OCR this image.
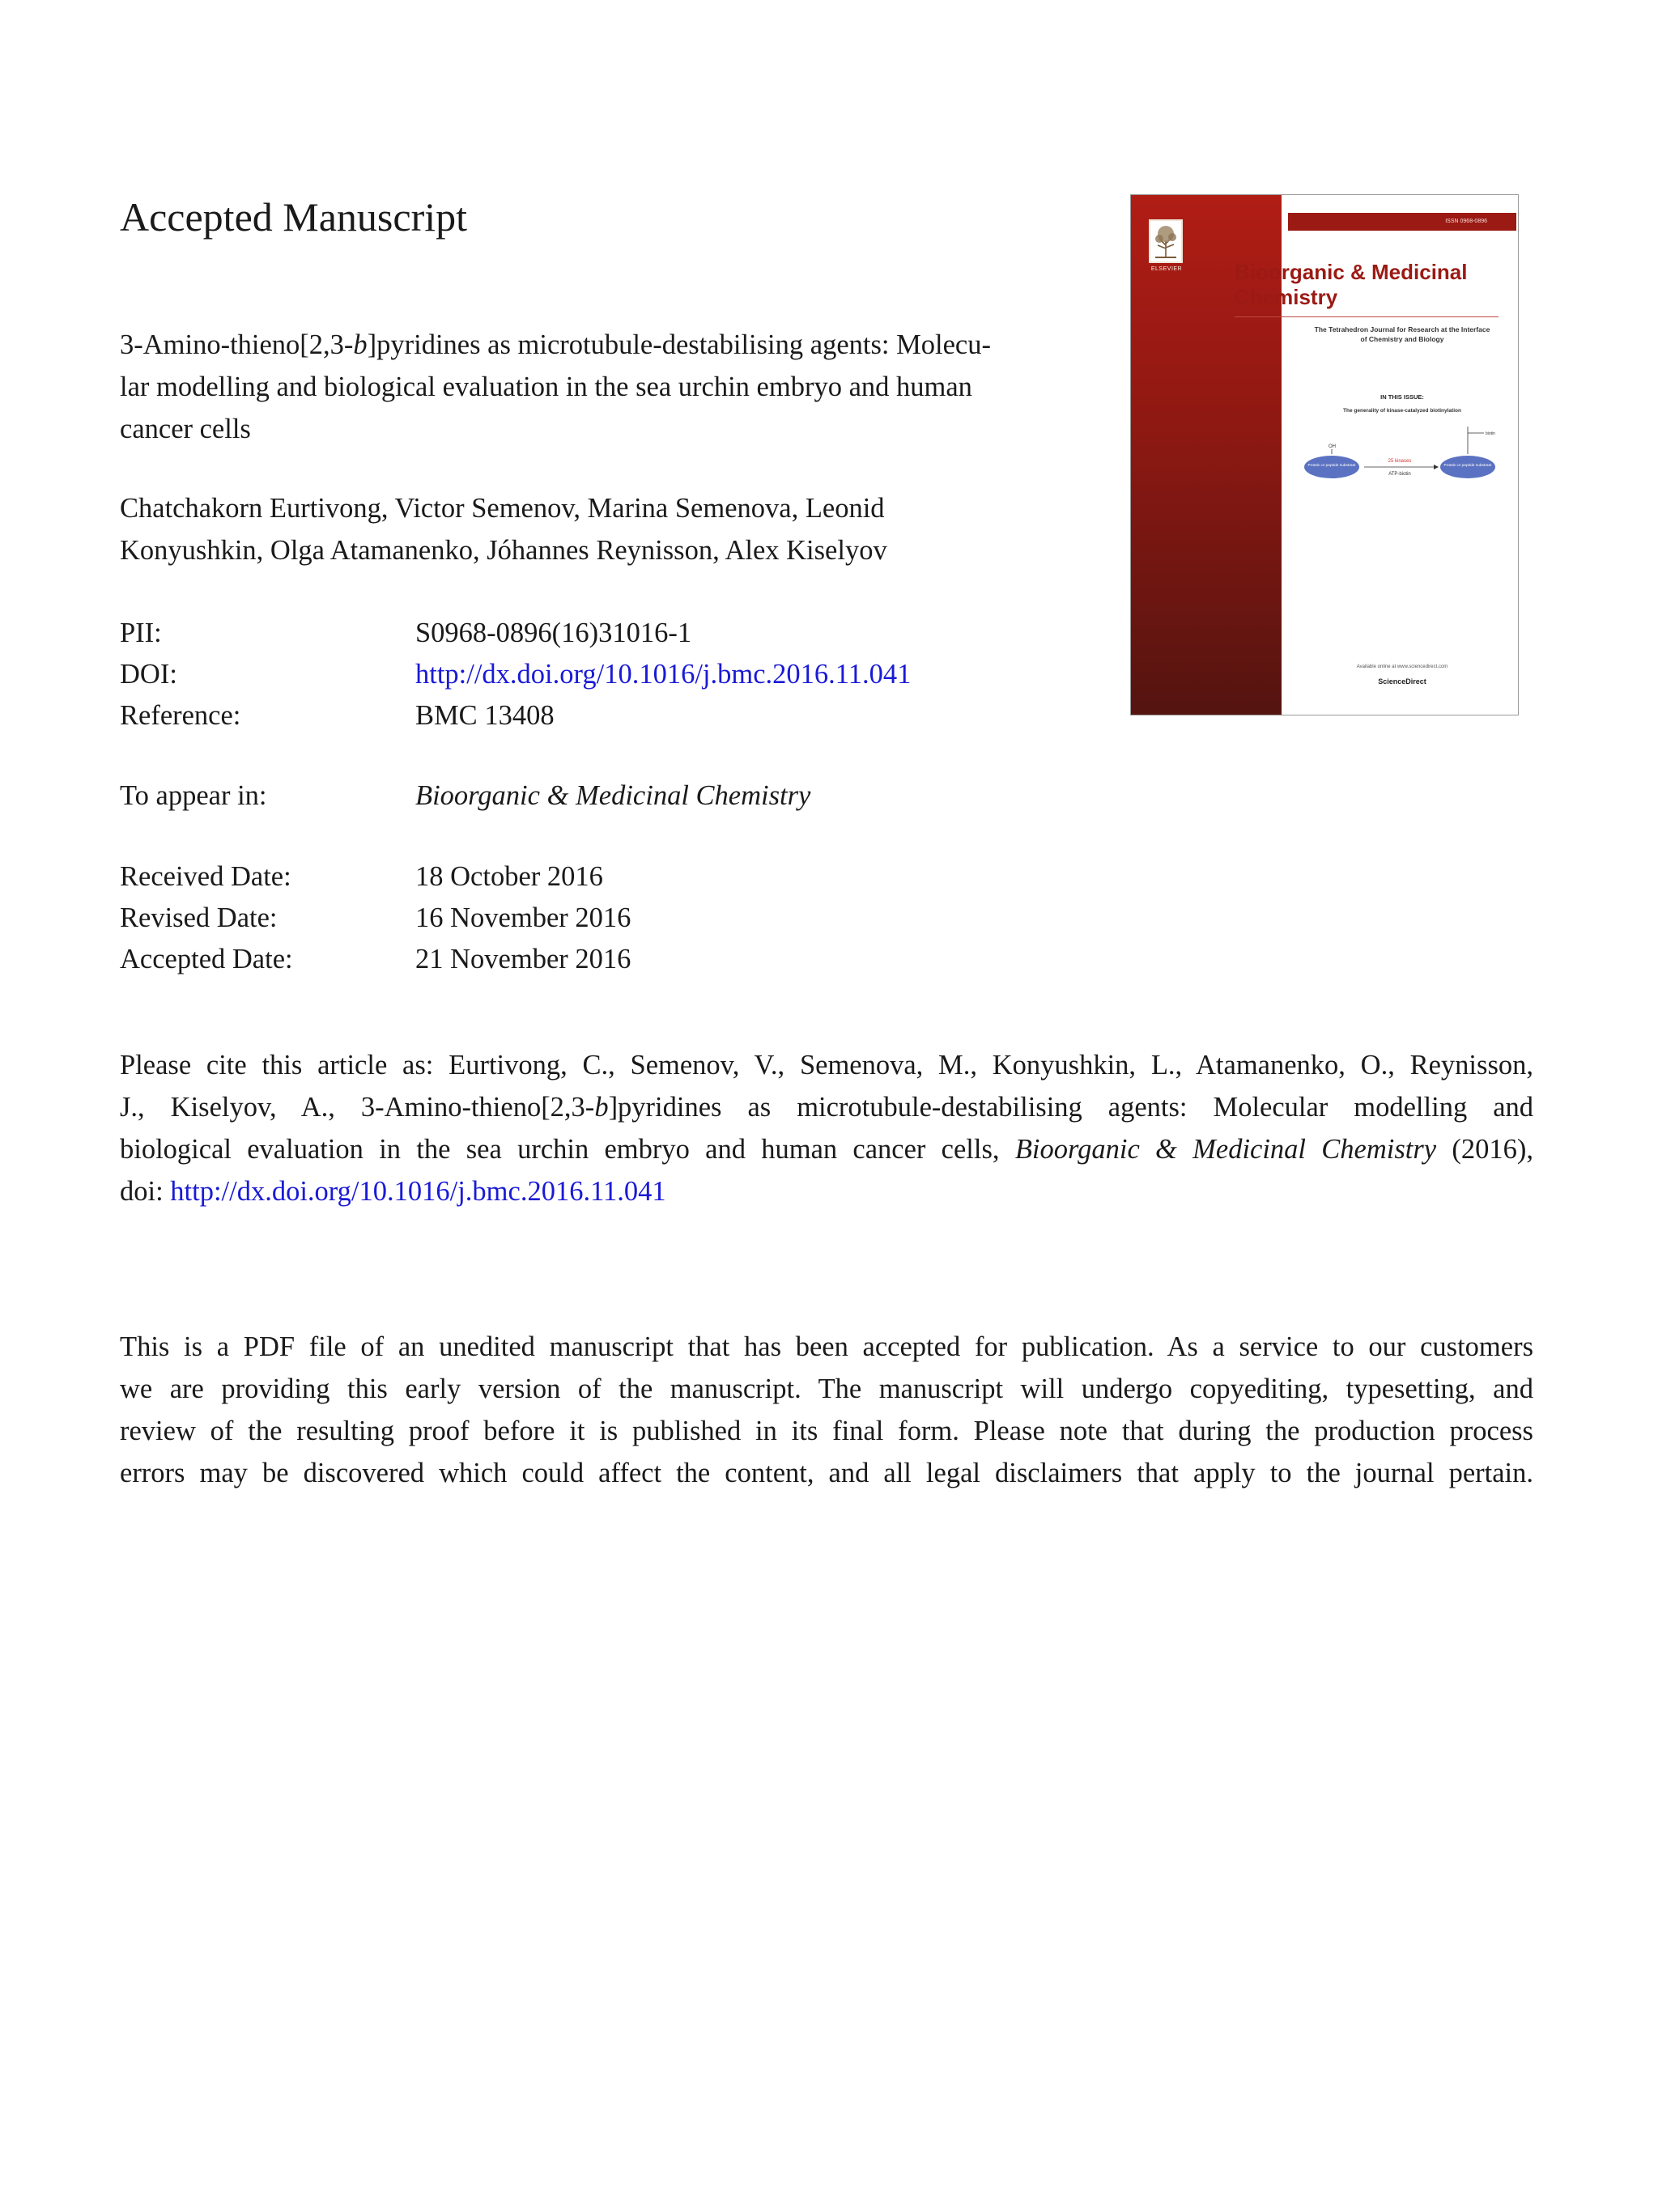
Accepted Manuscript
3-Amino-thieno[2,3-b]pyridines as microtubule-destabilising agents: Molecu-
lar modelling and biological evaluation in the sea urchin embryo and human
cancer cells
Chatchakorn Eurtivong, Victor Semenov, Marina Semenova, Leonid
Konyushkin, Olga Atamanenko, Jóhannes Reynisson, Alex Kiselyov
PII:	S0968-0896(16)31016-1
DOI:	http://dx.doi.org/10.1016/j.bmc.2016.11.041
Reference:	BMC 13408
To appear in:	Bioorganic & Medicinal Chemistry
Received Date:	18 October 2016
Revised Date:	16 November 2016
Accepted Date:	21 November 2016
Please cite this article as: Eurtivong, C., Semenov, V., Semenova, M., Konyushkin, L., Atamanenko, O., Reynisson,
J., Kiselyov, A., 3-Amino-thieno[2,3-b]pyridines as microtubule-destabilising agents: Molecular modelling and
biological evaluation in the sea urchin embryo and human cancer cells, Bioorganic & Medicinal Chemistry (2016),
doi: http://dx.doi.org/10.1016/j.bmc.2016.11.041
This is a PDF file of an unedited manuscript that has been accepted for publication. As a service to our customers
we are providing this early version of the manuscript. The manuscript will undergo copyediting, typesetting, and
review of the resulting proof before it is published in its final form. Please note that during the production process
errors may be discovered which could affect the content, and all legal disclaimers that apply to the journal pertain.
ELSEVIER
ISSN 0968-0896
Bioorganic & Medicinal
Chemistry
The Tetrahedron Journal for Research at the Interface
of Chemistry and Biology
IN THIS ISSUE:
The generality of kinase-catalyzed biotinylation
OH
Protein or peptide substrate
25 kinases
ATP-biotin
biotin
Protein or peptide substrate
Available online at www.sciencedirect.com
ScienceDirect
